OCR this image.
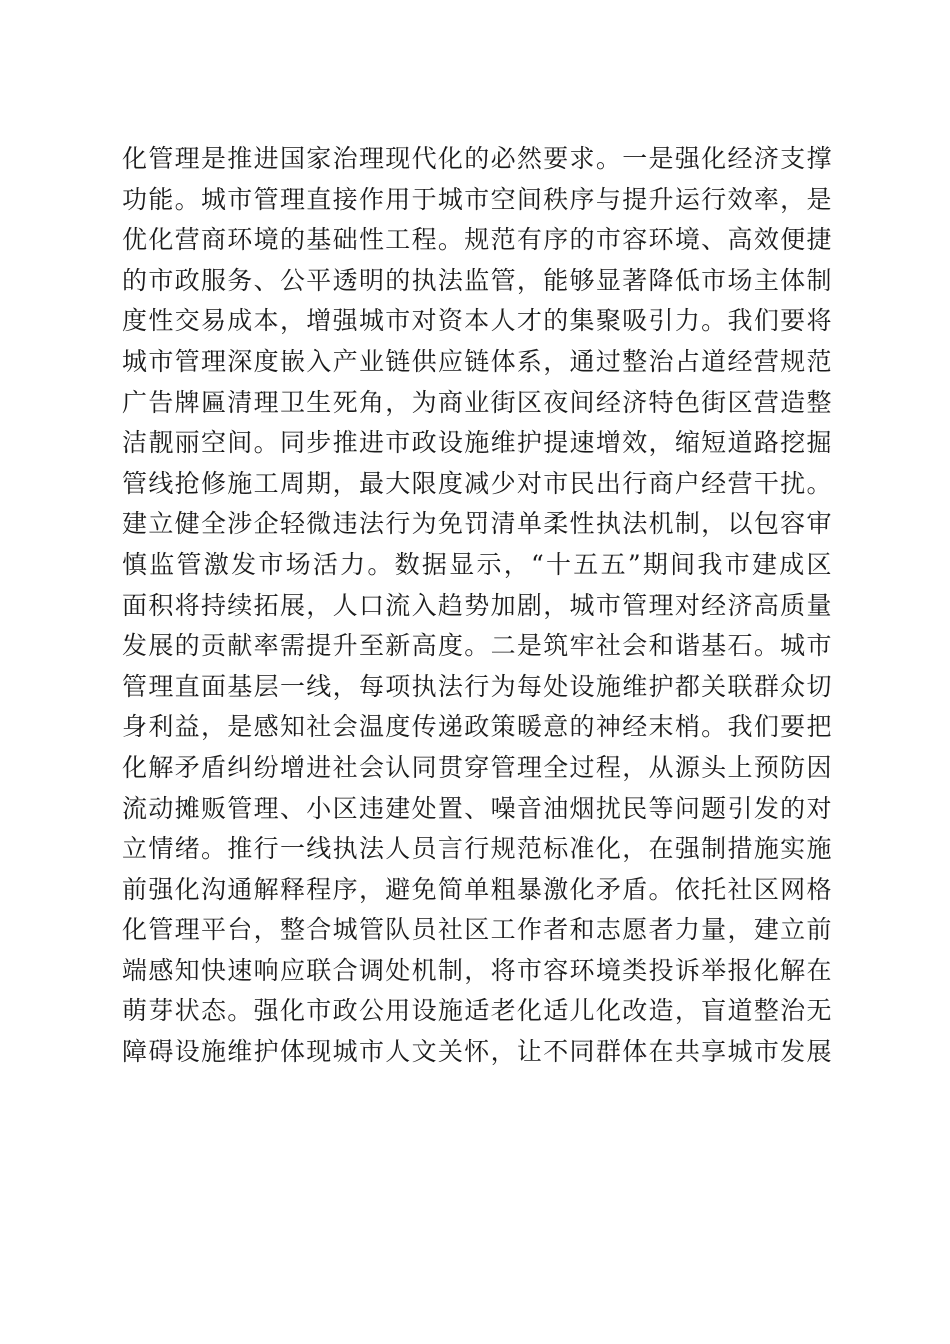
化管理是推进国家治理现代化的必然要求。一是强化经济支撑
功能。城市管理直接作用于城市空间秩序与提升运行效率，是
优化营商环境的基础性工程。规范有序的市容环境、高效便捷
的市政服务、公平透明的执法监管，能够显著降低市场主体制
度性交易成本，增强城市对资本人才的集聚吸引力。我们要将
城市管理深度嵌入产业链供应链体系，通过整治占道经营规范
广告牌匾清理卫生死角，为商业街区夜间经济特色街区营造整
洁靓丽空间。同步推进市政设施维护提速增效，缩短道路挖掘
管线抢修施工周期，最大限度减少对市民出行商户经营干扰。
建立健全涉企轻微违法行为免罚清单柔性执法机制，以包容审
慎监管激发市场活力。数据显示，“十五五”期间我市建成区
面积将持续拓展，人口流入趋势加剧，城市管理对经济高质量
发展的贡献率需提升至新高度。二是筑牢社会和谐基石。城市
管理直面基层一线，每项执法行为每处设施维护都关联群众切
身利益，是感知社会温度传递政策暖意的神经末梢。我们要把
化解矛盾纠纷增进社会认同贯穿管理全过程，从源头上预防因
流动摊贩管理、小区违建处置、噪音油烟扰民等问题引发的对
立情绪。推行一线执法人员言行规范标准化，在强制措施实施
前强化沟通解释程序，避免简单粗暴激化矛盾。依托社区网格
化管理平台，整合城管队员社区工作者和志愿者力量，建立前
端感知快速响应联合调处机制，将市容环境类投诉举报化解在
萌芽状态。强化市政公用设施适老化适儿化改造，盲道整治无
障碍设施维护体现城市人文关怀，让不同群体在共享城市发展
